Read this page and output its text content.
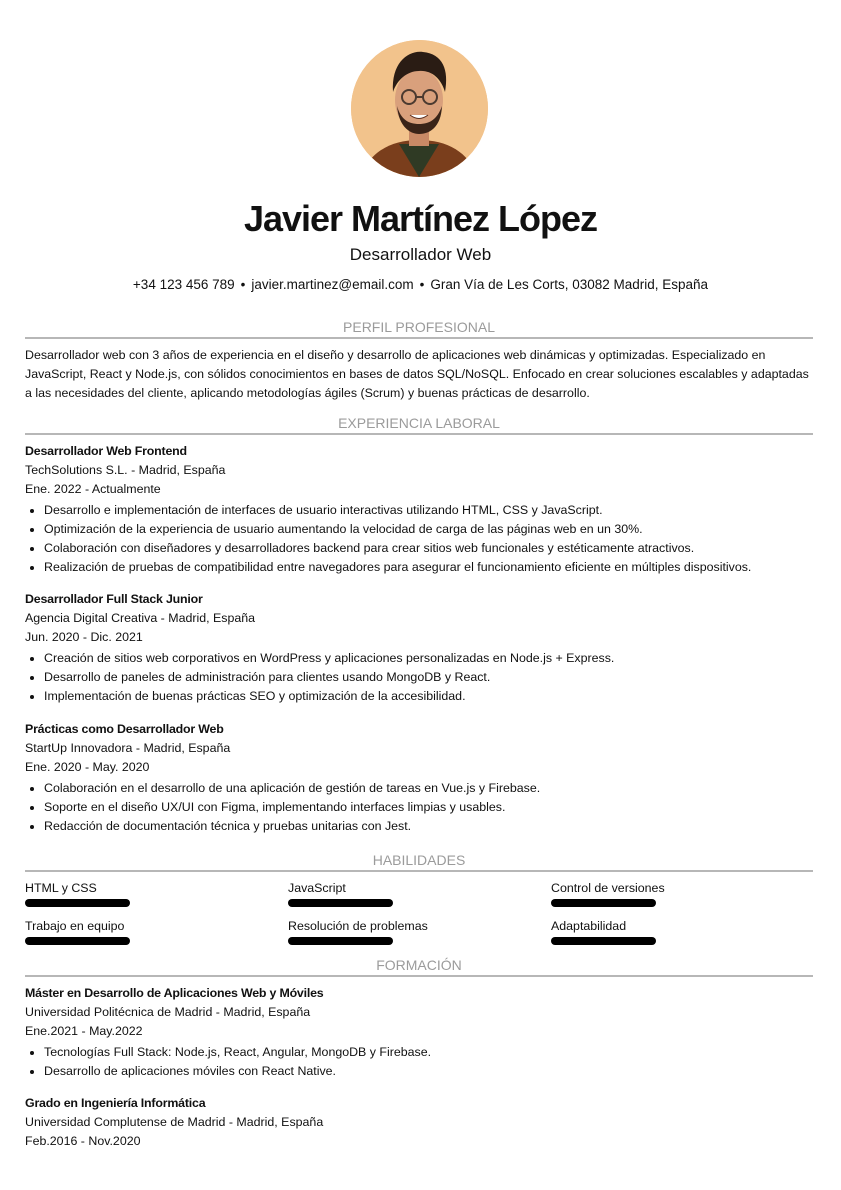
Javier Martínez López
Desarrollador Web
+34 123 456 789 • javier.martinez@email.com • Gran Vía de Les Corts, 03082 Madrid, España
PERFIL PROFESIONAL
Desarrollador web con 3 años de experiencia en el diseño y desarrollo de aplicaciones web dinámicas y optimizadas. Especializado en JavaScript, React y Node.js, con sólidos conocimientos en bases de datos SQL/NoSQL. Enfocado en crear soluciones escalables y adaptadas a las necesidades del cliente, aplicando metodologías ágiles (Scrum) y buenas prácticas de desarrollo.
EXPERIENCIA LABORAL
Desarrollador Web Frontend
TechSolutions S.L. - Madrid, España
Ene. 2022 - Actualmente
• Desarrollo e implementación de interfaces de usuario interactivas utilizando HTML, CSS y JavaScript.
• Optimización de la experiencia de usuario aumentando la velocidad de carga de las páginas web en un 30%.
• Colaboración con diseñadores y desarrolladores backend para crear sitios web funcionales y estéticamente atractivos.
• Realización de pruebas de compatibilidad entre navegadores para asegurar el funcionamiento eficiente en múltiples dispositivos.
Desarrollador Full Stack Junior
Agencia Digital Creativa - Madrid, España
Jun. 2020 - Dic. 2021
• Creación de sitios web corporativos en WordPress y aplicaciones personalizadas en Node.js + Express.
• Desarrollo de paneles de administración para clientes usando MongoDB y React.
• Implementación de buenas prácticas SEO y optimización de la accesibilidad.
Prácticas como Desarrollador Web
StartUp Innovadora - Madrid, España
Ene. 2020 - May. 2020
• Colaboración en el desarrollo de una aplicación de gestión de tareas en Vue.js y Firebase.
• Soporte en el diseño UX/UI con Figma, implementando interfaces limpias y usables.
• Redacción de documentación técnica y pruebas unitarias con Jest.
HABILIDADES
HTML y CSS	JavaScript	Control de versiones
Trabajo en equipo	Resolución de problemas	Adaptabilidad
FORMACIÓN
Máster en Desarrollo de Aplicaciones Web y Móviles
Universidad Politécnica de Madrid - Madrid, España
Ene.2021 - May.2022
• Tecnologías Full Stack: Node.js, React, Angular, MongoDB y Firebase.
• Desarrollo de aplicaciones móviles con React Native.
Grado en Ingeniería Informática
Universidad Complutense de Madrid - Madrid, España
Feb.2016 - Nov.2020
